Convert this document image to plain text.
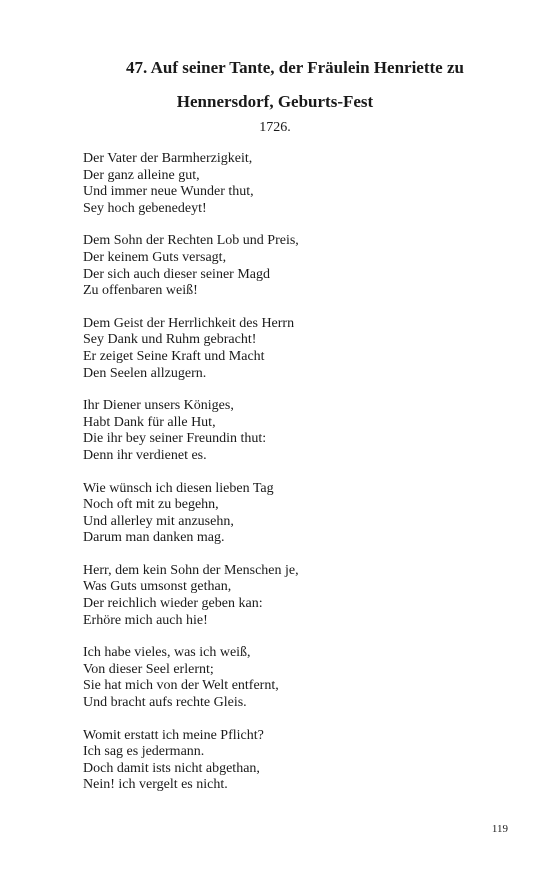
47. Auf seiner Tante, der Fräulein Henriette zu
Hennersdorf, Geburts-Fest
1726.
Der Vater der Barmherzigkeit,
Der ganz alleine gut,
Und immer neue Wunder thut,
Sey hoch gebenedeyt!
Dem Sohn der Rechten Lob und Preis,
Der keinem Guts versagt,
Der sich auch dieser seiner Magd
Zu offenbaren weiß!
Dem Geist der Herrlichkeit des Herrn
Sey Dank und Ruhm gebracht!
Er zeiget Seine Kraft und Macht
Den Seelen allzugern.
Ihr Diener unsers Königes,
Habt Dank für alle Hut,
Die ihr bey seiner Freundin thut:
Denn ihr verdienet es.
Wie wünsch ich diesen lieben Tag
Noch oft mit zu begehn,
Und allerley mit anzusehn,
Darum man danken mag.
Herr, dem kein Sohn der Menschen je,
Was Guts umsonst gethan,
Der reichlich wieder geben kan:
Erhöre mich auch hie!
Ich habe vieles, was ich weiß,
Von dieser Seel erlernt;
Sie hat mich von der Welt entfernt,
Und bracht aufs rechte Gleis.
Womit erstatt ich meine Pflicht?
Ich sag es jedermann.
Doch damit ists nicht abgethan,
Nein! ich vergelt es nicht.
119
